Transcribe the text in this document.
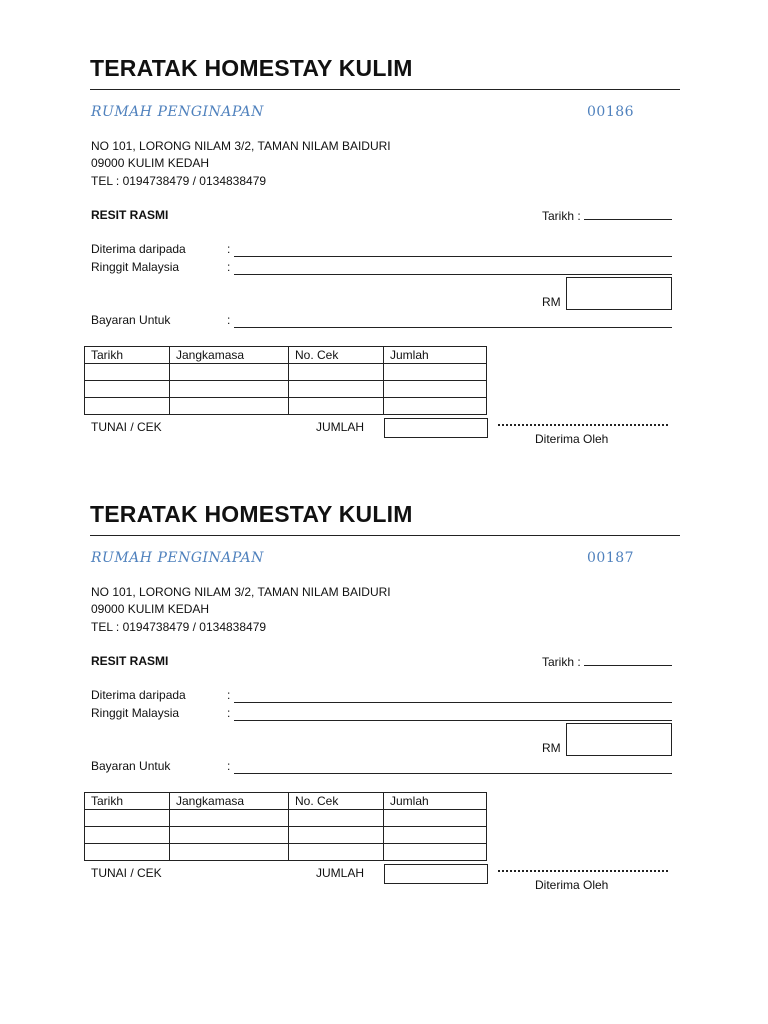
TERATAK HOMESTAY KULIM
RUMAH PENGINAPAN	00186
NO 101, LORONG NILAM 3/2, TAMAN NILAM BAIDURI
09000 KULIM KEDAH
TEL : 0194738479 / 0134838479
RESIT RASMI	Tarikh :
Diterima daripada	:
Ringgit Malaysia	:
RM
Bayaran Untuk	:
Tarikh	Jangkamasa	No. Cek	Jumlah

TUNAI / CEK	JUMLAH
Diterima Oleh
TERATAK HOMESTAY KULIM
RUMAH PENGINAPAN	00187
NO 101, LORONG NILAM 3/2, TAMAN NILAM BAIDURI
09000 KULIM KEDAH
TEL : 0194738479 / 0134838479
RESIT RASMI	Tarikh :
Diterima daripada	:
Ringgit Malaysia	:
RM
Bayaran Untuk	:
Tarikh	Jangkamasa	No. Cek	Jumlah

TUNAI / CEK	JUMLAH
Diterima Oleh
